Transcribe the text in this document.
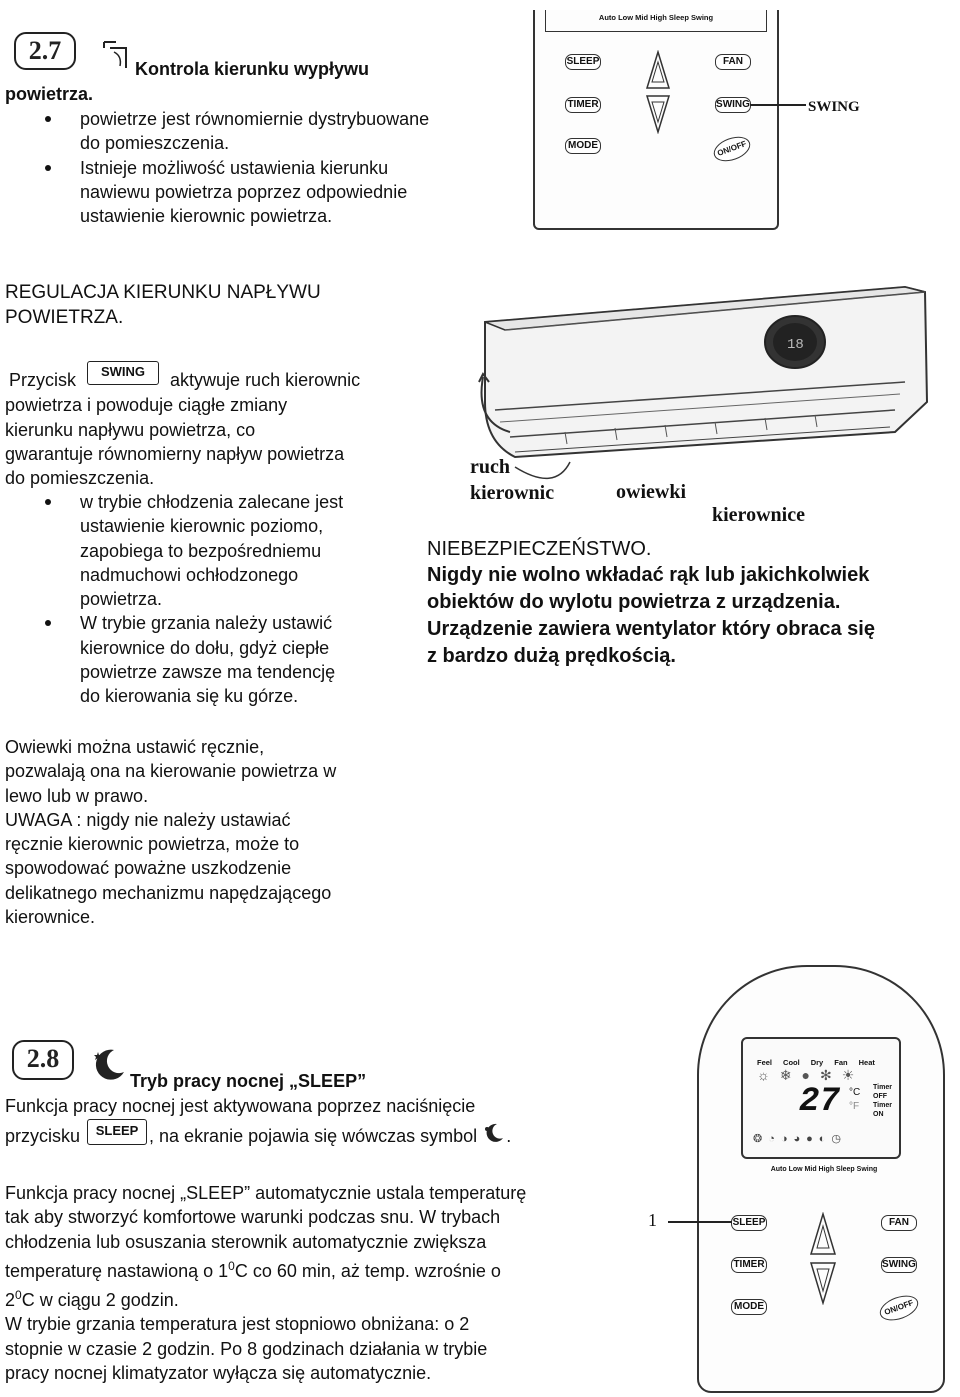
2.7
Kontrola kierunku wypływu
powietrza.
powietrze jest równomiernie dystrybuowane
do pomieszczenia.
Istnieje możliwość ustawienia kierunku
nawiewu powietrza poprzez odpowiednie
ustawienie kierownic powietrza.
Auto Low Mid High Sleep Swing
SLEEP
TIMER
MODE
FAN
SWING
ON/OFF
SWING
REGULACJA KIERUNKU NAPŁYWU
POWIETRZA.
Przycisk SWING aktywuje ruch kierownic
powietrza i powoduje ciągłe zmiany
kierunku napływu powietrza, co
gwarantuje równomierny napływ powietrza
do pomieszczenia.
w trybie chłodzenia zalecane jest
ustawienie kierownic poziomo,
zapobiega to bezpośredniemu
nadmuchowi ochłodzonego
powietrza.
W trybie grzania należy ustawić
kierownice do dołu, gdyż ciepłe
powietrze zawsze ma tendencję
do kierowania się ku górze.
18
ruch
kierownic	owiewki
kierownice
NIEBEZPIECZEŃSTWO.
Nigdy nie wolno wkładać rąk lub jakichkolwiek
obiektów do wylotu powietrza z urządzenia.
Urządzenie zawiera wentylator który obraca się
z bardzo dużą prędkością.
Owiewki można ustawić ręcznie,
pozwalają ona na kierowanie powietrza w
lewo lub w prawo.
UWAGA : nigdy nie należy ustawiać
ręcznie kierownic powietrza, może to
spowodować poważne uszkodzenie
delikatnego mechanizmu napędzającego
kierownice.
2.8
Tryb pracy nocnej „SLEEP”
Funkcja pracy nocnej jest aktywowana poprzez naciśnięcie
przycisku SLEEP , na ekranie pojawia się wówczas symbol .
Funkcja pracy nocnej „SLEEP” automatycznie ustala temperaturę
tak aby stworzyć komfortowe warunki podczas snu. W trybach
chłodzenia lub osuszania sterownik automatycznie zwiększa
temperaturę nastawioną o $1^0C$ co 60 min, aż temp. wzrośnie o
$2^0C$ w ciągu 2 godzin.
W trybie grzania temperatura jest stopniowo obniżana: o 2
stopnie w czasie 2 godzin. Po 8 godzinach działania w trybie
pracy nocnej klimatyzator wyłącza się automatycznie.
Feel Cool Dry Fan Heat
☼❄●✻☀
27 °C
°F
Timer
OFF
Timer
ON
❂◔◑◕●◐◷
Auto Low Mid High Sleep Swing
SLEEP
TIMER
MODE
FAN
SWING
ON/OFF
1
